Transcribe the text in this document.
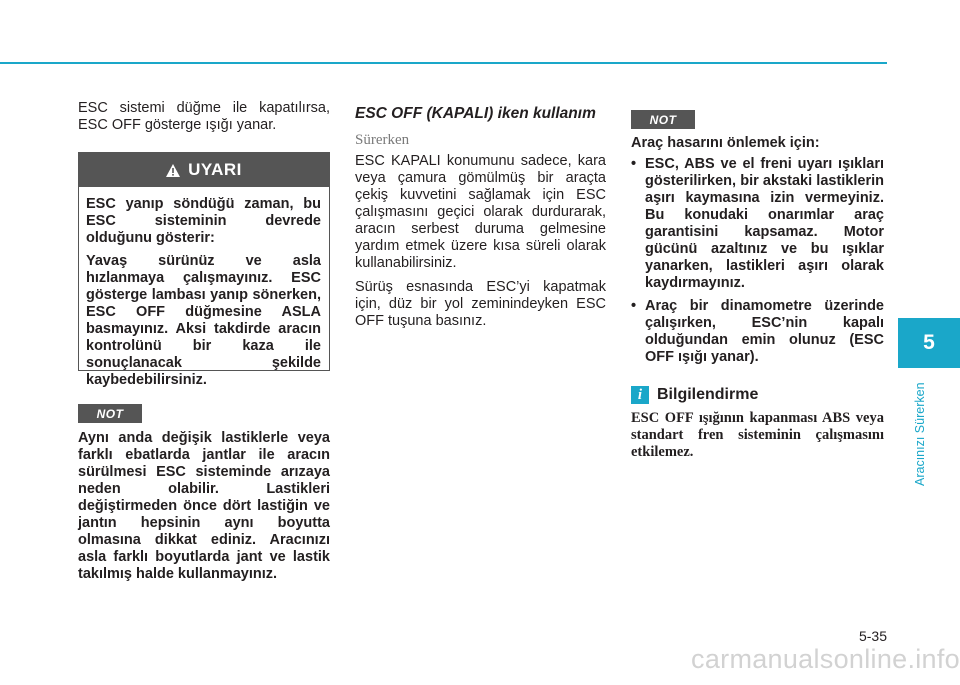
ESC sistemi düğme ile kapatılırsa, ESC OFF gösterge ışığı yanar.

UYARI

ESC yanıp söndüğü zaman, bu ESC sisteminin devrede olduğunu gösterir:

Yavaş sürünüz ve asla hızlanmaya çalışmayınız. ESC gösterge lambası yanıp sönerken, ESC OFF düğmesine ASLA basmayınız. Aksi takdirde aracın kontrolünü bir kaza ile sonuçlanacak şekilde kaybedebilirsiniz.

NOT

Aynı anda değişik lastiklerle veya farklı ebatlarda jantlar ile aracın sürülmesi ESC sisteminde arızaya neden olabilir. Lastikleri değiştirmeden önce dört lastiğin ve jantın hepsinin aynı boyutta olmasına dikkat ediniz. Aracınızı asla farklı boyutlarda jant ve lastik takılmış halde kullanmayınız.

ESC OFF (KAPALI) iken kullanım

Sürerken

ESC KAPALI konumunu sadece, kara veya çamura gömülmüş bir araçta çekiş kuvvetini sağlamak için ESC çalışmasını geçici olarak durdurarak, aracın serbest duruma gelmesine yardım etmek üzere kısa süreli olarak kullanabilirsiniz.

Sürüş esnasında ESC’yi kapatmak için, düz bir yol zeminindeyken ESC OFF tuşuna basınız.

NOT

Araç hasarını önlemek için:

• ESC, ABS ve el freni uyarı ışıkları gösterilirken, bir akstaki lastiklerin aşırı kaymasına izin vermeyiniz. Bu konudaki onarımlar araç garantisini kapsamaz. Motor gücünü azaltınız ve bu ışıklar yanarken, lastikleri aşırı olarak kaydırmayınız.
• Araç bir dinamometre üzerinde çalışırken, ESC’nin kapalı olduğundan emin olunuz (ESC OFF ışığı yanar).
i Bilgilendirme

ESC OFF ışığının kapanması ABS veya standart fren sisteminin çalışmasını etkilemez.

5
Aracınızı Sürerken
5-35
carmanualsonline.info
